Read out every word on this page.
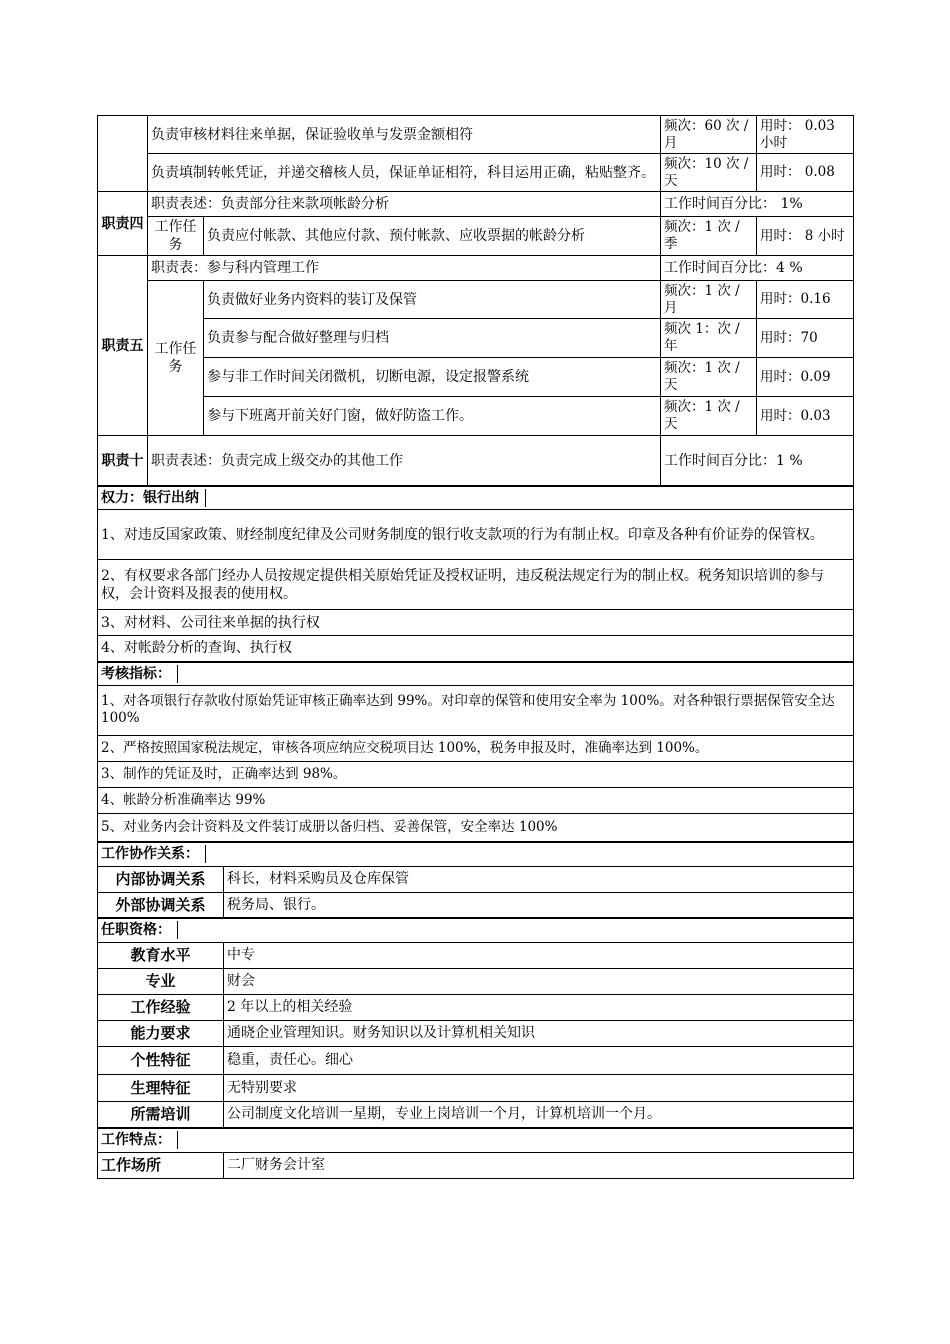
	负责审核材料往来单据，保证验收单与发票金额相符		频次：60 次 / 月	用时： 0.03 小时
	负责填制转帐凭证，并递交稽核人员，保证单证相符，科目运用正确，粘贴整齐。		频次：10 次 /天	用时： 0.08
职责四	职责表述：负责部分往来款项帐龄分析		工作时间百分比： 1%	
	工作任务	负责应付帐款、其他应付款、预付帐款、应收票据的帐龄分析	频次：1 次 / 季	用时： 8 小时
职责五	职责表：参与科内管理工作		工作时间百分比：4 %	
	工作任务	负责做好业务内资料的装订及保管	频次：1 次 / 月	用时：0.16
		负责参与配合做好整理与归档	频次 1：次 / 年	用时：70
		参与非工作时间关闭微机，切断电源，设定报警系统	频次：1 次 / 天	用时：0.09
		参与下班离开前关好门窗，做好防盗工作。	频次：1 次 / 天	用时：0.03
职责十	职责表述：负责完成上级交办的其他工作		工作时间百分比：1 %	
权力：银行出纳	
1、对违反国家政策、财经制度纪律及公司财务制度的银行收支款项的行为有制止权。印章及各种有价证券的保管权。	
2、有权要求各部门经办人员按规定提供相关原始凭证及授权证明，违反税法规定行为的制止权。税务知识培训的参与权，会计资料及报表的使用权。	
3、对材料、公司往来单据的执行权	
4、对帐龄分析的查询、执行权	
考核指标：	
1、对各项银行存款收付原始凭证审核正确率达到 99%。对印章的保管和使用安全率为 100%。对各种银行票据保管安全达 100%	
2、严格按照国家税法规定，审核各项应纳应交税项目达 100%，税务申报及时，准确率达到 100%。	
3、制作的凭证及时，正确率达到 98%。	
4、帐龄分析准确率达 99%	
5、对业务内会计资料及文件装订成册以备归档、妥善保管，安全率达 100%	
工作协作关系：	
内部协调关系	科长，材料采购员及仓库保管
外部协调关系	税务局、银行。
任职资格：	
教育水平	中专
专业	财会
工作经验	2 年以上的相关经验
能力要求	通晓企业管理知识。财务知识以及计算机相关知识
个性特征	稳重，责任心。细心
生理特征	无特别要求
所需培训	公司制度文化培训一星期，专业上岗培训一个月，计算机培训一个月。
工作特点：	
工作场所	二厂财务会计室
